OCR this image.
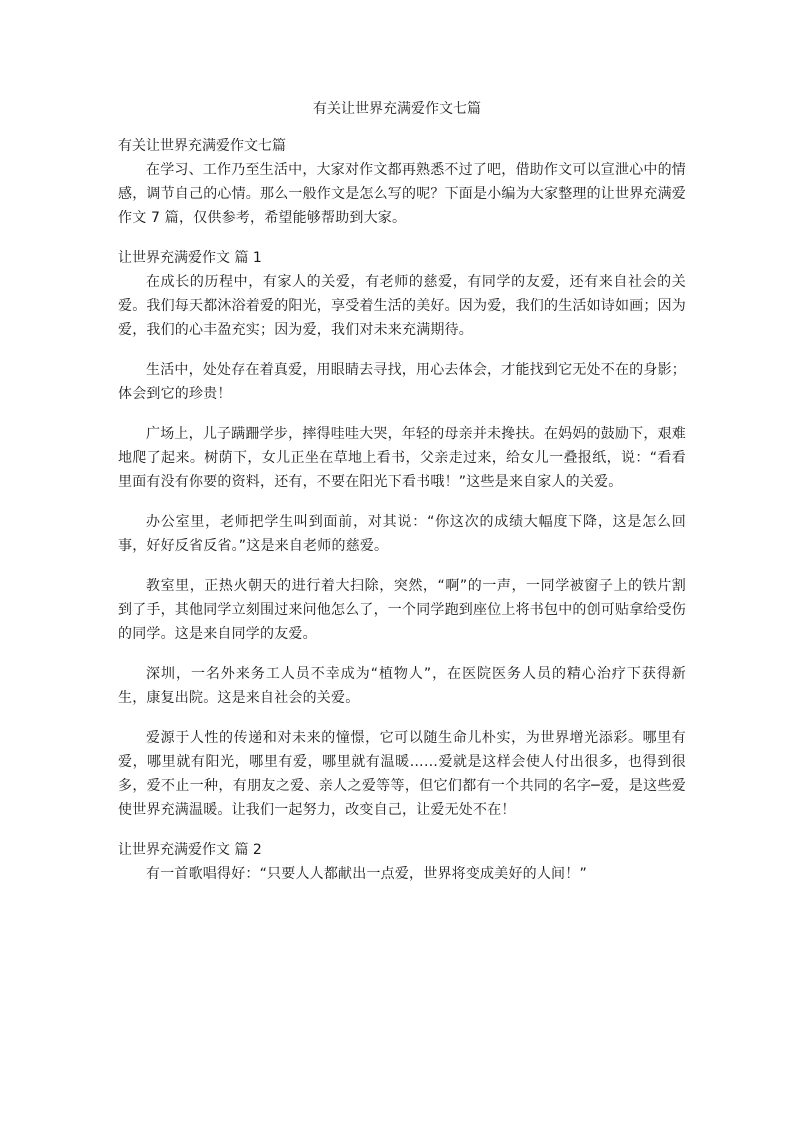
有关让世界充满爱作文七篇

有关让世界充满爱作文七篇

在学习、工作乃至生活中，大家对作文都再熟悉不过了吧，借助作文可以宣泄心中的情感，调节自己的心情。那么一般作文是怎么写的呢？下面是小编为大家整理的让世界充满爱作文 7 篇，仅供参考，希望能够帮助到大家。

让世界充满爱作文 篇 1

在成长的历程中，有家人的关爱，有老师的慈爱，有同学的友爱，还有来自社会的关爱。我们每天都沐浴着爱的阳光，享受着生活的美好。因为爱，我们的生活如诗如画；因为爱，我们的心丰盈充实；因为爱，我们对未来充满期待。

生活中，处处存在着真爱，用眼睛去寻找，用心去体会，才能找到它无处不在的身影；体会到它的珍贵！

广场上，儿子蹒跚学步，摔得哇哇大哭，年轻的母亲并未搀扶。在妈妈的鼓励下，艰难地爬了起来。树荫下，女儿正坐在草地上看书，父亲走过来，给女儿一叠报纸，说：“看看里面有没有你要的资料，还有，不要在阳光下看书哦！”这些是来自家人的关爱。

办公室里，老师把学生叫到面前，对其说：“你这次的成绩大幅度下降，这是怎么回事，好好反省反省。”这是来自老师的慈爱。

教室里，正热火朝天的进行着大扫除，突然，“啊”的一声，一同学被窗子上的铁片割到了手，其他同学立刻围过来问他怎么了，一个同学跑到座位上将书包中的创可贴拿给受伤的同学。这是来自同学的友爱。

深圳，一名外来务工人员不幸成为“植物人”，在医院医务人员的精心治疗下获得新生，康复出院。这是来自社会的关爱。

爱源于人性的传递和对未来的憧憬，它可以随生命儿朴实，为世界增光添彩。哪里有爱，哪里就有阳光，哪里有爱，哪里就有温暖……爱就是这样会使人付出很多，也得到很多，爱不止一种，有朋友之爱、亲人之爱等等，但它们都有一个共同的名字─爱，是这些爱使世界充满温暖。让我们一起努力，改变自己，让爱无处不在！

让世界充满爱作文 篇 2

有一首歌唱得好：“只要人人都献出一点爱，世界将变成美好的人间！”
